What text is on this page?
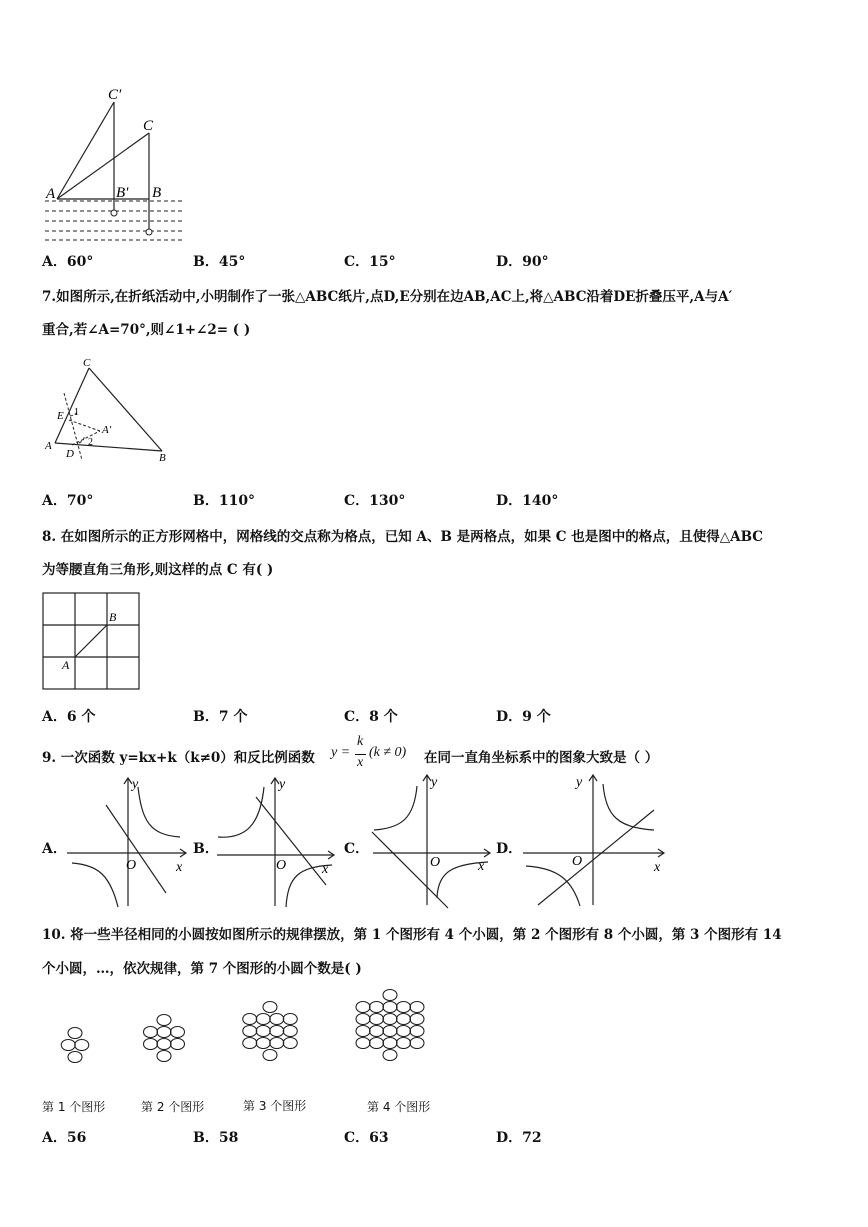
C′
C
A	B′ B
A．60°	B．45°	C．15°	D．90°
7.如图所示,在折纸活动中,小明制作了一张△ABC纸片,点D,E分别在边AB,AC上,将△ABC沿着DE折叠压平,A与A′
重合,若∠A=70°,则∠1+∠2= ( )
C
E 1
A′
2
A
D	B
A．70°	B．110°	C．130°	D．140°
8. 在如图所示的正方形网格中，网格线的交点称为格点，已知 A、B 是两格点，如果 C 也是图中的格点，且使得△ABC
为等腰直角三角形,则这样的点 C 有( )
B
A
A．6 个	B．7 个	C．8 个	D．9 个
9. 一次函数 y=kx+k（k≠0）和反比例函数 y =
k
x
(k ≠ 0) 在同一直角坐标系中的图象大致是（ ）
A．	B．	C．	D．
y
x
O
y
x
O
y
x
O
y
x
O
10. 将一些半径相同的小圆按如图所示的规律摆放，第 1 个图形有 4 个小圆，第 2 个图形有 8 个小圆，第 3 个图形有 14
个小圆，…，依次规律，第 7 个图形的小圆个数是( )
第 1 个图形	第 2 个图形	第 3 个图形	第 4 个图形
A．56	B．58	C．63	D．72
